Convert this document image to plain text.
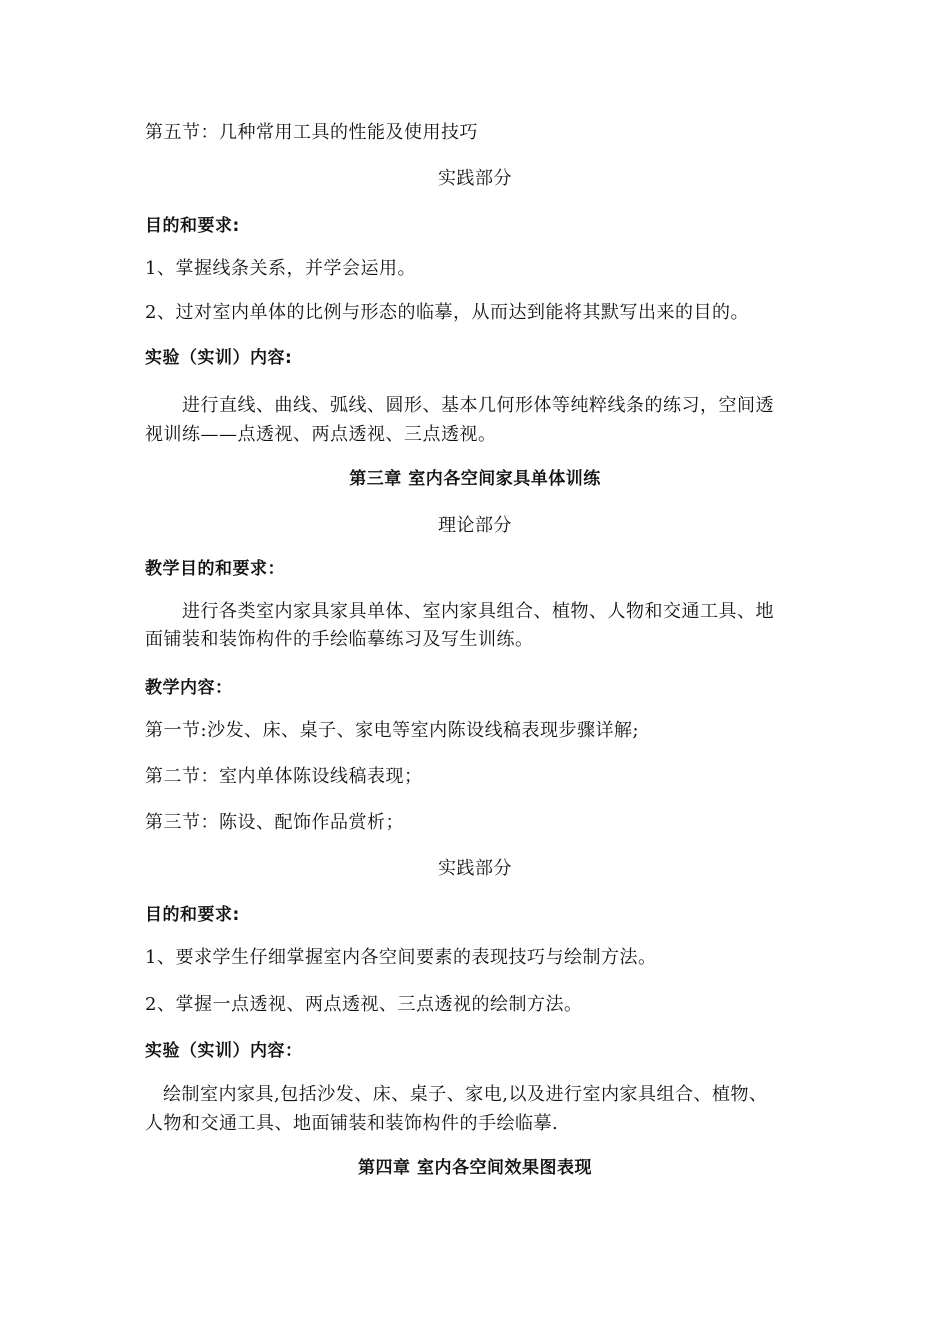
第五节：几种常用工具的性能及使用技巧
实践部分
目的和要求:
1、掌握线条关系，并学会运用。
2、过对室内单体的比例与形态的临摹，从而达到能将其默写出来的目的。
实验（实训）内容:
进行直线、曲线、弧线、圆形、基本几何形体等纯粹线条的练习，空间透
视训练——点透视、两点透视、三点透视。
第三章 室内各空间家具单体训练
理论部分
教学目的和要求：
进行各类室内家具家具单体、室内家具组合、植物、人物和交通工具、地
面铺装和装饰构件的手绘临摹练习及写生训练。
教学内容：
第一节:沙发、床、桌子、家电等室内陈设线稿表现步骤详解;
第二节：室内单体陈设线稿表现；
第三节：陈设、配饰作品赏析；
实践部分
目的和要求:
1、要求学生仔细掌握室内各空间要素的表现技巧与绘制方法。
2、掌握一点透视、两点透视、三点透视的绘制方法。
实验（实训）内容：
绘制室内家具,包括沙发、床、桌子、家电,以及进行室内家具组合、植物、
人物和交通工具、地面铺装和装饰构件的手绘临摹.
第四章 室内各空间效果图表现
